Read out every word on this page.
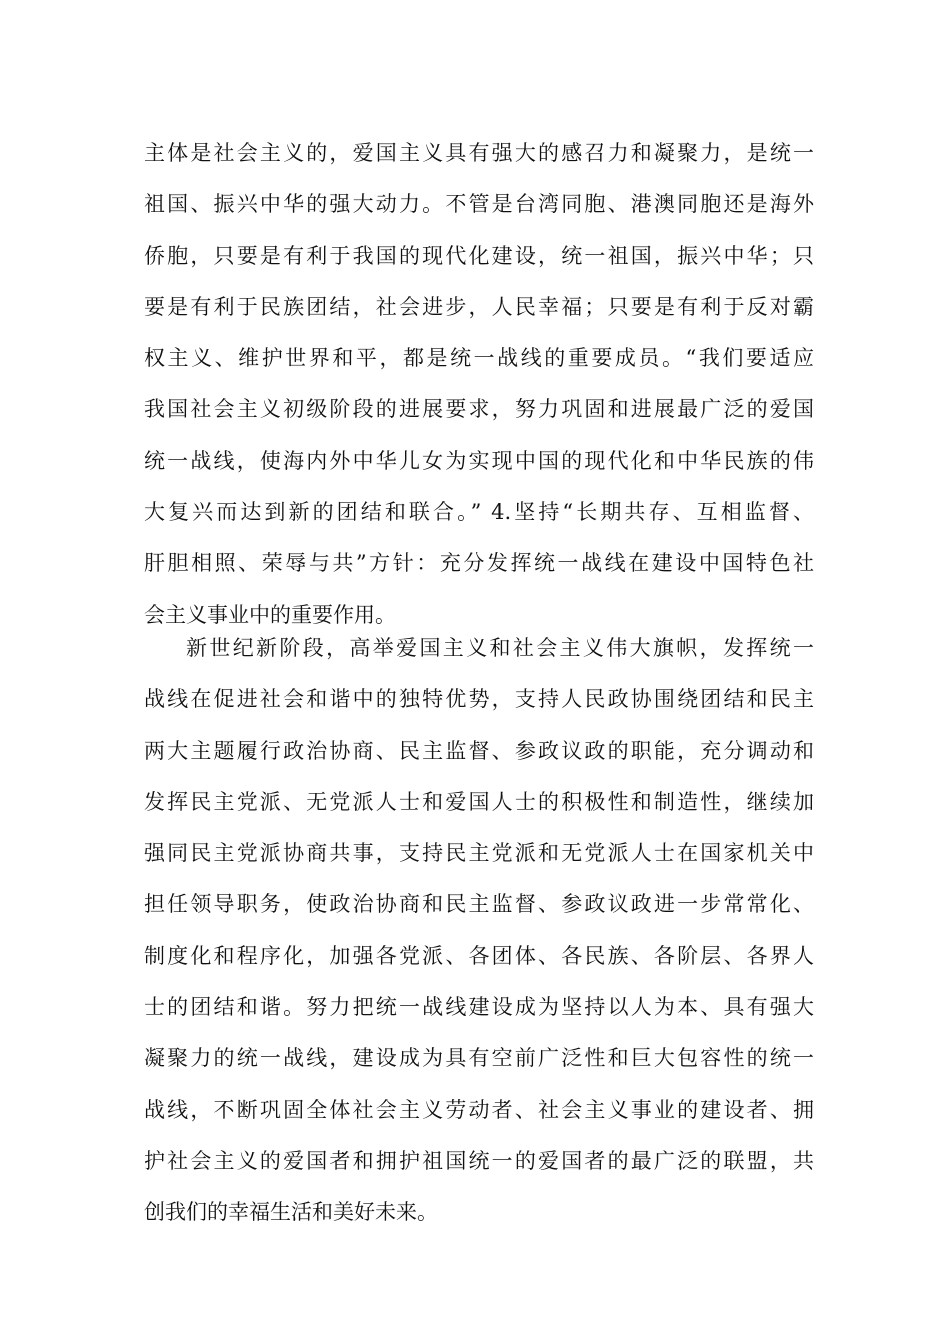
主体是社会主义的，爱国主义具有强大的感召力和凝聚力，是统一
祖国、振兴中华的强大动力。不管是台湾同胞、港澳同胞还是海外
侨胞，只要是有利于我国的现代化建设，统一祖国，振兴中华；只
要是有利于民族团结，社会进步，人民幸福；只要是有利于反对霸
权主义、维护世界和平，都是统一战线的重要成员。“我们要适应
我国社会主义初级阶段的进展要求，努力巩固和进展最广泛的爱国
统一战线，使海内外中华儿女为实现中国的现代化和中华民族的伟
大复兴而达到新的团结和联合。” 4.坚持“长期共存、互相监督、
肝胆相照、荣辱与共”方针：充分发挥统一战线在建设中国特色社
会主义事业中的重要作用。
新世纪新阶段，高举爱国主义和社会主义伟大旗帜，发挥统一
战线在促进社会和谐中的独特优势，支持人民政协围绕团结和民主
两大主题履行政治协商、民主监督、参政议政的职能，充分调动和
发挥民主党派、无党派人士和爱国人士的积极性和制造性，继续加
强同民主党派协商共事，支持民主党派和无党派人士在国家机关中
担任领导职务，使政治协商和民主监督、参政议政进一步常常化、
制度化和程序化，加强各党派、各团体、各民族、各阶层、各界人
士的团结和谐。努力把统一战线建设成为坚持以人为本、具有强大
凝聚力的统一战线，建设成为具有空前广泛性和巨大包容性的统一
战线，不断巩固全体社会主义劳动者、社会主义事业的建设者、拥
护社会主义的爱国者和拥护祖国统一的爱国者的最广泛的联盟，共
创我们的幸福生活和美好未来。
